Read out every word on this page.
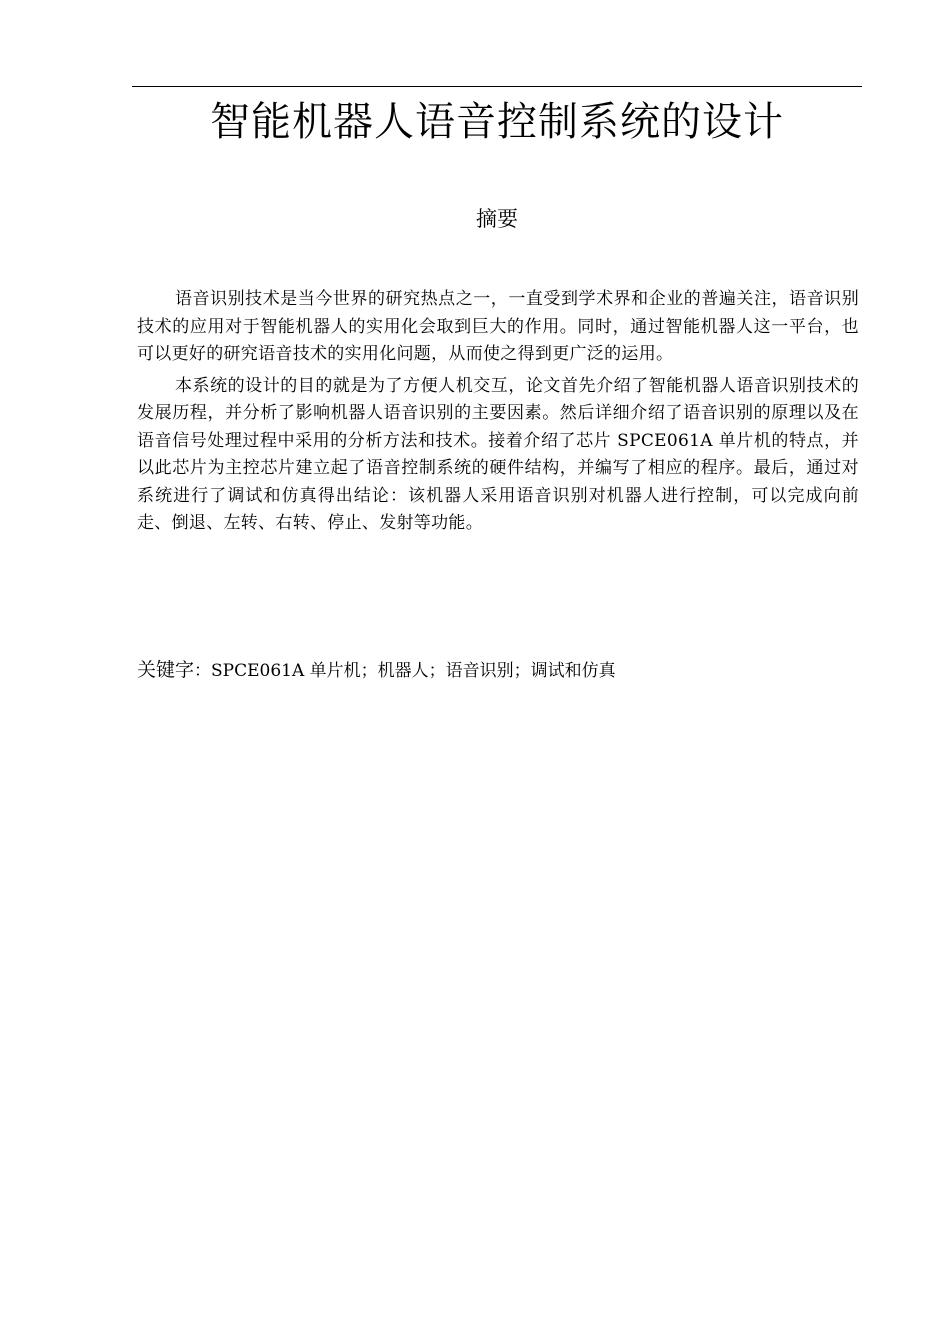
智能机器人语音控制系统的设计
摘要

语音识别技术是当今世界的研究热点之一，一直受到学术界和企业的普遍关注，语音识别技术的应用对于智能机器人的实用化会取到巨大的作用。同时，通过智能机器人这一平台，也可以更好的研究语音技术的实用化问题，从而使之得到更广泛的运用。

本系统的设计的目的就是为了方便人机交互，论文首先介绍了智能机器人语音识别技术的发展历程，并分析了影响机器人语音识别的主要因素。然后详细介绍了语音识别的原理以及在语音信号处理过程中采用的分析方法和技术。接着介绍了芯片 SPCE061A 单片机的特点，并以此芯片为主控芯片建立起了语音控制系统的硬件结构，并编写了相应的程序。最后，通过对系统进行了调试和仿真得出结论：该机器人采用语音识别对机器人进行控制，可以完成向前走、倒退、左转、右转、停止、发射等功能。

关键字：SPCE061A 单片机；机器人；语音识别；调试和仿真
